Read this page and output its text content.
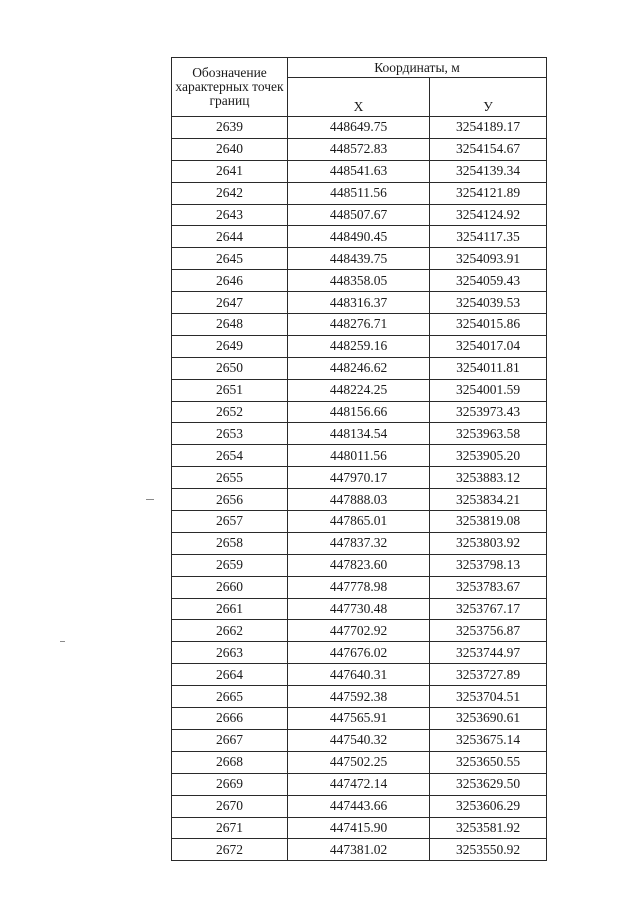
Обозначение характерных точек границ	Координаты, м	
	X	У
2639	448649.75	3254189.17
2640	448572.83	3254154.67
2641	448541.63	3254139.34
2642	448511.56	3254121.89
2643	448507.67	3254124.92
2644	448490.45	3254117.35
2645	448439.75	3254093.91
2646	448358.05	3254059.43
2647	448316.37	3254039.53
2648	448276.71	3254015.86
2649	448259.16	3254017.04
2650	448246.62	3254011.81
2651	448224.25	3254001.59
2652	448156.66	3253973.43
2653	448134.54	3253963.58
2654	448011.56	3253905.20
2655	447970.17	3253883.12
2656	447888.03	3253834.21
2657	447865.01	3253819.08
2658	447837.32	3253803.92
2659	447823.60	3253798.13
2660	447778.98	3253783.67
2661	447730.48	3253767.17
2662	447702.92	3253756.87
2663	447676.02	3253744.97
2664	447640.31	3253727.89
2665	447592.38	3253704.51
2666	447565.91	3253690.61
2667	447540.32	3253675.14
2668	447502.25	3253650.55
2669	447472.14	3253629.50
2670	447443.66	3253606.29
2671	447415.90	3253581.92
2672	447381.02	3253550.92
